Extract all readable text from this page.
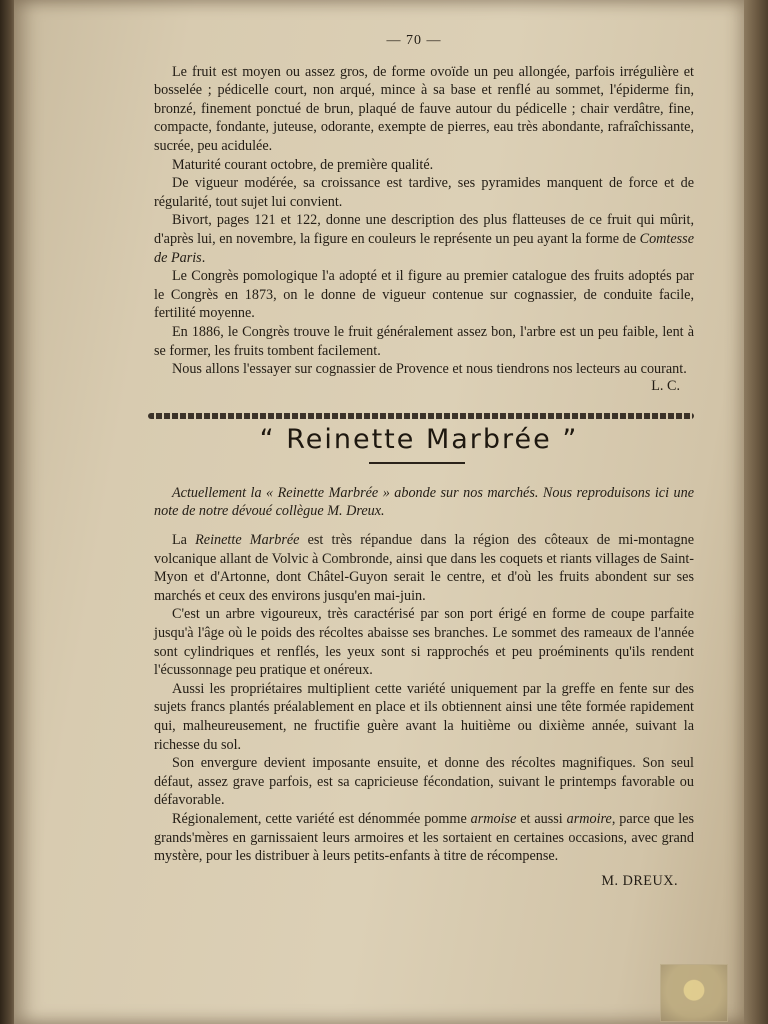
— 70 —

Le fruit est moyen ou assez gros, de forme ovoïde un peu allongée, parfois irrégulière et bosselée ; pédicelle court, non arqué, mince à sa base et renflé au sommet, l'épiderme fin, bronzé, finement ponctué de brun, plaqué de fauve autour du pédicelle ; chair verdâtre, fine, compacte, fondante, juteuse, odorante, exempte de pierres, eau très abondante, rafraîchissante, sucrée, peu acidulée.

Maturité courant octobre, de première qualité.

De vigueur modérée, sa croissance est tardive, ses pyramides manquent de force et de régularité, tout sujet lui convient.

Bivort, pages 121 et 122, donne une description des plus flatteuses de ce fruit qui mûrit, d'après lui, en novembre, la figure en couleurs le représente un peu ayant la forme de Comtesse de Paris.

Le Congrès pomologique l'a adopté et il figure au premier catalogue des fruits adoptés par le Congrès en 1873, on le donne de vigueur contenue sur cognassier, de conduite facile, fertilité moyenne.

En 1886, le Congrès trouve le fruit généralement assez bon, l'arbre est un peu faible, lent à se former, les fruits tombent facilement.

Nous allons l'essayer sur cognassier de Provence et nous tiendrons nos lecteurs au courant.

L. C.
“ Reinette Marbrée ”

Actuellement la « Reinette Marbrée » abonde sur nos marchés. Nous reproduisons ici une note de notre dévoué collègue M. Dreux.

La Reinette Marbrée est très répandue dans la région des côteaux de mi-montagne volcanique allant de Volvic à Combronde, ainsi que dans les coquets et riants villages de Saint-Myon et d'Artonne, dont Châtel-Guyon serait le centre, et d'où les fruits abondent sur ses marchés et ceux des environs jusqu'en mai-juin.

C'est un arbre vigoureux, très caractérisé par son port érigé en forme de coupe parfaite jusqu'à l'âge où le poids des récoltes abaisse ses branches. Le sommet des rameaux de l'année sont cylindriques et renflés, les yeux sont si rapprochés et peu proéminents qu'ils rendent l'écussonnage peu pratique et onéreux.

Aussi les propriétaires multiplient cette variété uniquement par la greffe en fente sur des sujets francs plantés préalablement en place et ils obtiennent ainsi une tête formée rapidement qui, malheureusement, ne fructifie guère avant la huitième ou dixième année, suivant la richesse du sol.

Son envergure devient imposante ensuite, et donne des récoltes magnifiques. Son seul défaut, assez grave parfois, est sa capricieuse fécondation, suivant le printemps favorable ou défavorable.

Régionalement, cette variété est dénommée pomme armoise et aussi armoire, parce que les grands'mères en garnissaient leurs armoires et les sortaient en certaines occasions, avec grand mystère, pour les distribuer à leurs petits-enfants à titre de récompense.

M. DREUX.
